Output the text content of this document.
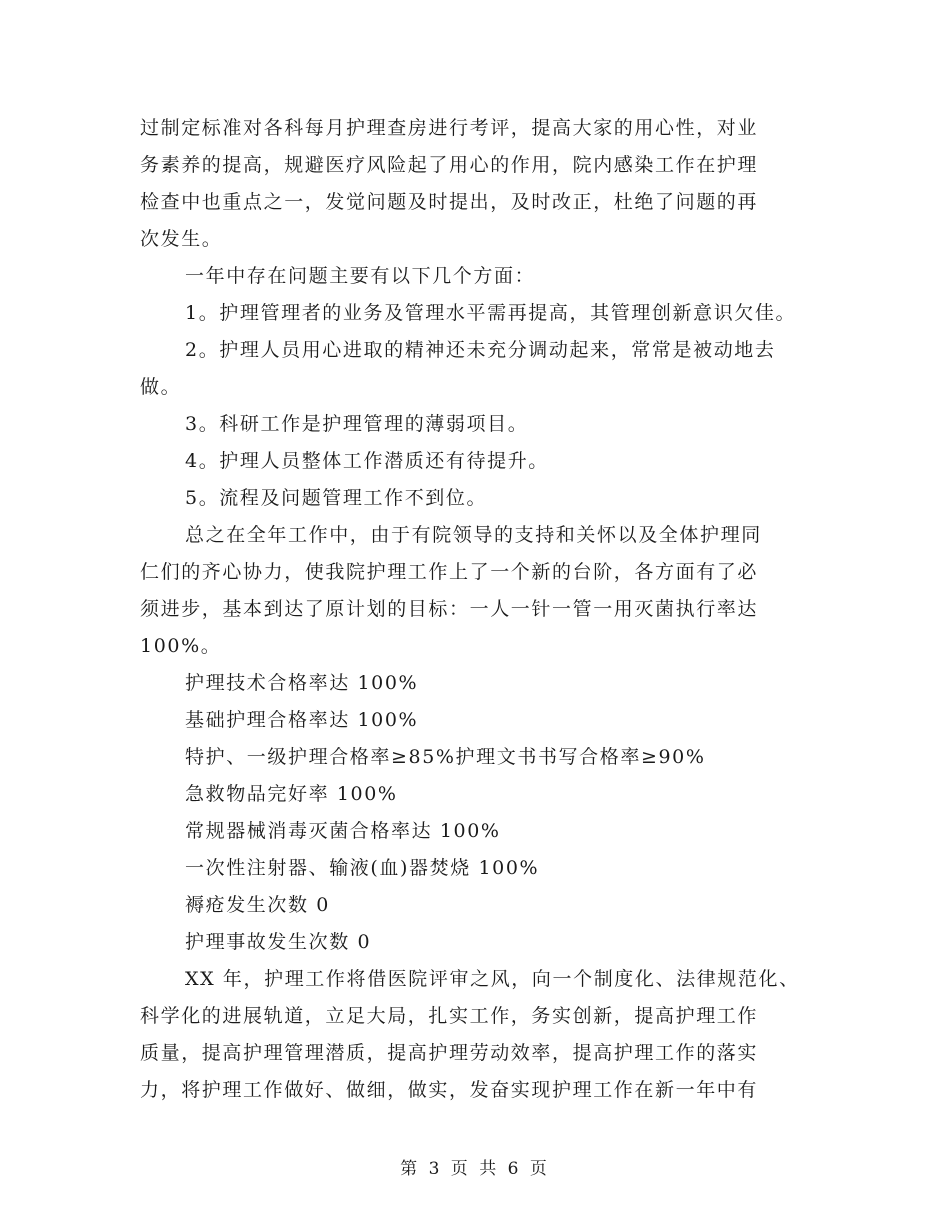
过制定标准对各科每月护理查房进行考评，提高大家的用心性，对业
务素养的提高，规避医疗风险起了用心的作用，院内感染工作在护理
检查中也重点之一，发觉问题及时提出，及时改正，杜绝了问题的再
次发生。
一年中存在问题主要有以下几个方面：
1。护理管理者的业务及管理水平需再提高，其管理创新意识欠佳。
2。护理人员用心进取的精神还未充分调动起来，常常是被动地去
做。
3。科研工作是护理管理的薄弱项目。
4。护理人员整体工作潜质还有待提升。
5。流程及问题管理工作不到位。
总之在全年工作中，由于有院领导的支持和关怀以及全体护理同
仁们的齐心协力，使我院护理工作上了一个新的台阶，各方面有了必
须进步，基本到达了原计划的目标：一人一针一管一用灭菌执行率达
100%。
护理技术合格率达 100%
基础护理合格率达 100%
特护、一级护理合格率≥85%护理文书书写合格率≥90%
急救物品完好率 100%
常规器械消毒灭菌合格率达 100%
一次性注射器、输液(血)器焚烧 100%
褥疮发生次数 0
护理事故发生次数 0
XX 年，护理工作将借医院评审之风，向一个制度化、法律规范化、
科学化的进展轨道，立足大局，扎实工作，务实创新，提高护理工作
质量，提高护理管理潜质，提高护理劳动效率，提高护理工作的落实
力，将护理工作做好、做细，做实，发奋实现护理工作在新一年中有
第 3 页 共 6 页
